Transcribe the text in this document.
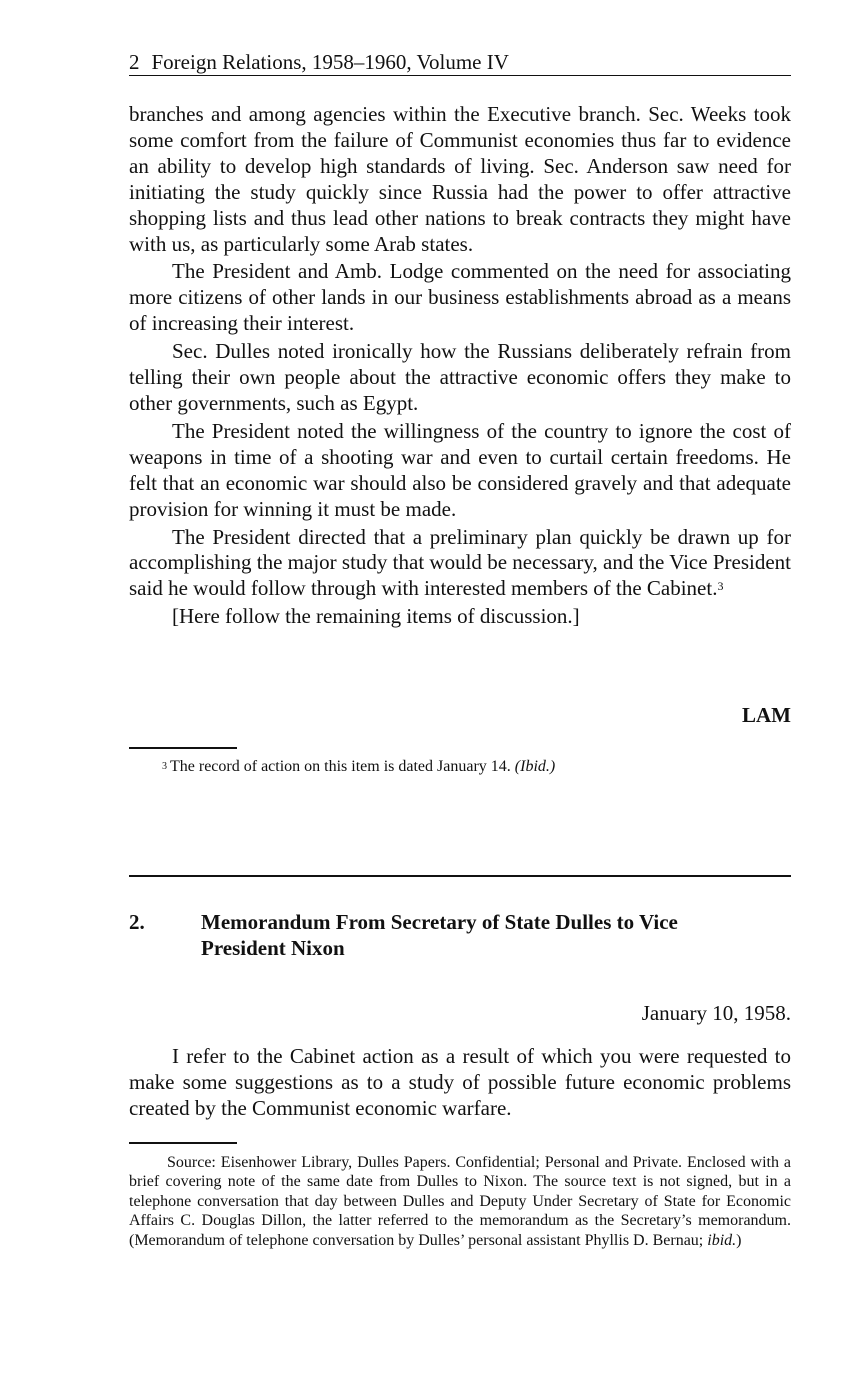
2 Foreign Relations, 1958–1960, Volume IV

branches and among agencies within the Executive branch. Sec. Weeks took some comfort from the failure of Communist economies thus far to evidence an ability to develop high standards of living. Sec. Anderson saw need for initiating the study quickly since Russia had the power to offer attractive shopping lists and thus lead other nations to break contracts they might have with us, as particularly some Arab states.

The President and Amb. Lodge commented on the need for associating more citizens of other lands in our business establishments abroad as a means of increasing their interest.

Sec. Dulles noted ironically how the Russians deliberately refrain from telling their own people about the attractive economic offers they make to other governments, such as Egypt.

The President noted the willingness of the country to ignore the cost of weapons in time of a shooting war and even to curtail certain freedoms. He felt that an economic war should also be considered gravely and that adequate provision for winning it must be made.

The President directed that a preliminary plan quickly be drawn up for accomplishing the major study that would be necessary, and the Vice President said he would follow through with interested members of the Cabinet.$^3$

[Here follow the remaining items of discussion.]

LAM
$^3$ The record of action on this item is dated January 14. (Ibid.)
2.	Memorandum From Secretary of State Dulles to Vice President Nixon
January 10, 1958.

I refer to the Cabinet action as a result of which you were requested to make some suggestions as to a study of possible future economic problems created by the Communist economic warfare.

Source: Eisenhower Library, Dulles Papers. Confidential; Personal and Private. Enclosed with a brief covering note of the same date from Dulles to Nixon. The source text is not signed, but in a telephone conversation that day between Dulles and Deputy Under Secretary of State for Economic Affairs C. Douglas Dillon, the latter referred to the memorandum as the Secretary’s memorandum. (Memorandum of telephone conversation by Dulles’ personal assistant Phyllis D. Bernau; ibid.)
